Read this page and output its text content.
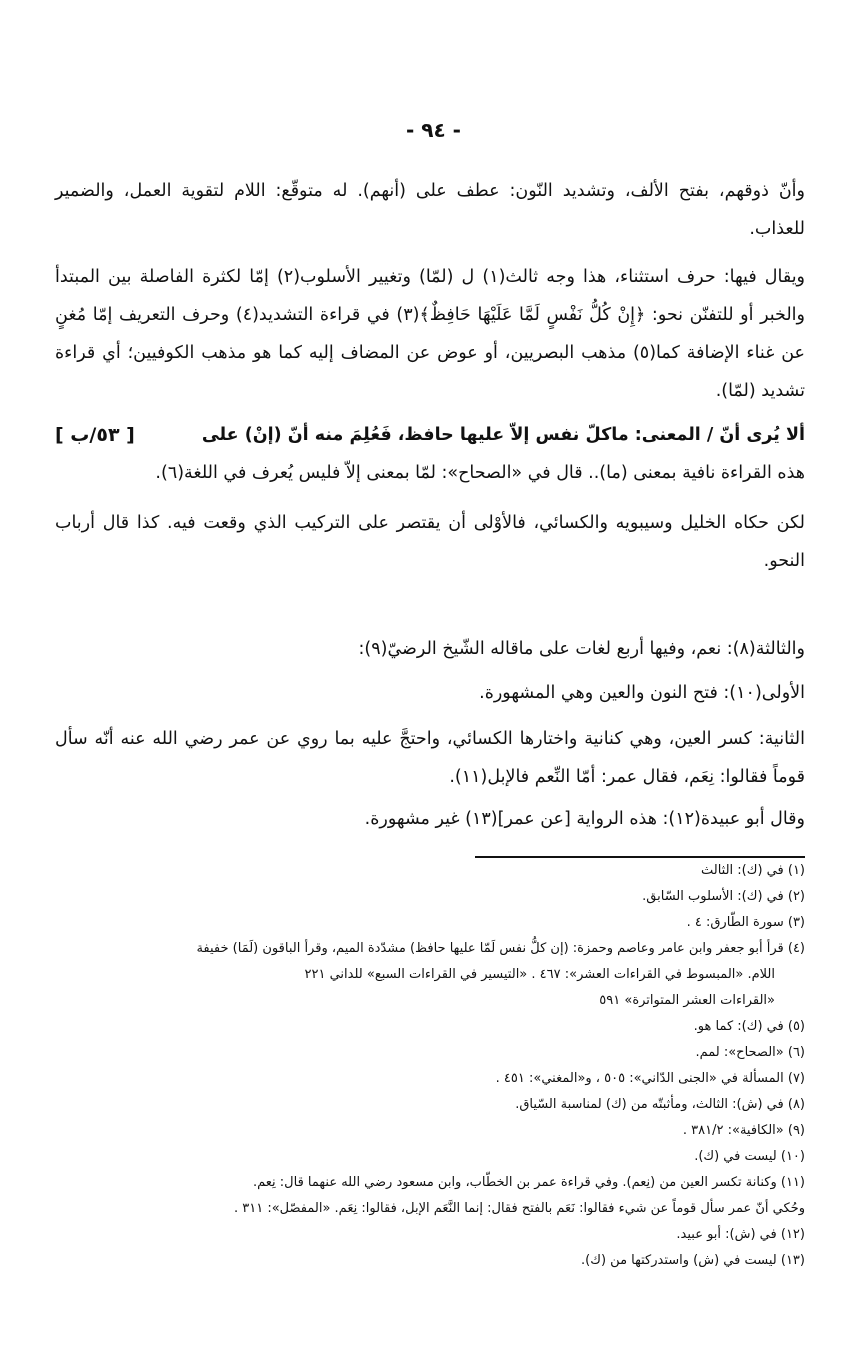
- ٩٤ -
وأنّ ذوقهم، بفتح الألف، وتشديد النّون: عطف على (أنهم). له متوقّع: اللام لتقوية العمل، والضمير للعذاب.
ويقال فيها: حرف استثناء، هذا وجه ثالث(١) ل (لمّا) وتغيير الأسلوب(٢) إمّا لكثرة الفاصلة بين المبتدأ والخبر أو للتفنّن نحو: ﴿إِنْ كُلُّ نَفْسٍ لَمَّا عَلَيْهَا حَافِظٌ﴾(٣) في قراءة التشديد(٤) وحرف التعريف إمّا مُغنٍ عن غناء الإضافة كما(٥) مذهب البصريين، أو عوض عن المضاف إليه كما هو مذهب الكوفيين؛ أي قراءة تشديد (لمّا).
ألا يُرى أنّ / المعنى: ماكلّ نفس إلاّ عليها حافظ، فَعُلِمَ منه أنّ (إنْ) على
[ ٥٣/ب ]
هذه القراءة نافية بمعنى (ما).. قال في «الصحاح»: لمّا بمعنى إلاّ فليس يُعرف في اللغة(٦).
لكن حكاه الخليل وسيبويه والكسائي، فالأوْلى أن يقتصر على التركيب الذي وقعت فيه. كذا قال أرباب النحو.
والثالثة(٨): نعم، وفيها أربع لغات على ماقاله الشّيخ الرضيّ(٩):
الأولى(١٠): فتح النون والعين وهي المشهورة.
الثانية: كسر العين، وهي كنانية واختارها الكسائي، واحتجَّ عليه بما روي عن عمر رضي الله عنه أنّه سأل قوماً فقالوا: نِعَم، فقال عمر: أمّا النِّعم فالإبل(١١).
وقال أبو عبيدة(١٢): هذه الرواية [عن عمر](١٣) غير مشهورة.
(١) في (ك): الثالث
(٢) في (ك): الأسلوب السّابق.
(٣) سورة الطّارق: ٤ .
(٤) قرأ أبو جعفر وابن عامر وعاصم وحمزة: (إن كلُّ نفس لَمّا عليها حافظ) مشدّدة الميم، وقرأ الباقون (لَمَا) خفيفة
اللام. «المبسوط في القراءات العشر»: ٤٦٧ . «التيسير في القراءات السبع» للداني ٢٢١
«القراءات العشر المتواترة» ٥٩١
(٥) في (ك): كما هو.
(٦) «الصحاح»: لمم.
(٧) المسألة في «الجنى الدّاني»: ٥٠٥ ، و«المغني»: ٤٥١ .
(٨) في (ش): الثالث، ومأثبتّه من (ك) لمناسبة السّياق.
(٩) «الكافية»: ٣٨١/٢ .
(١٠) ليست في (ك).
(١١) وكنانة تكسر العين من (نِعم). وفي قراءة عمر بن الخطّاب، وابن مسعود رضي الله عنهما قال: نِعم.
وحُكي أنّ عمر سأل قوماً عن شيء فقالوا: نَعَم بالفتح فقال: إنما النَّعَم الإبل، فقالوا: نِعَم. «المفصّل»: ٣١١ .
(١٢) في (ش): أبو عبيد.
(١٣) ليست في (ش) واستدركتها من (ك).
